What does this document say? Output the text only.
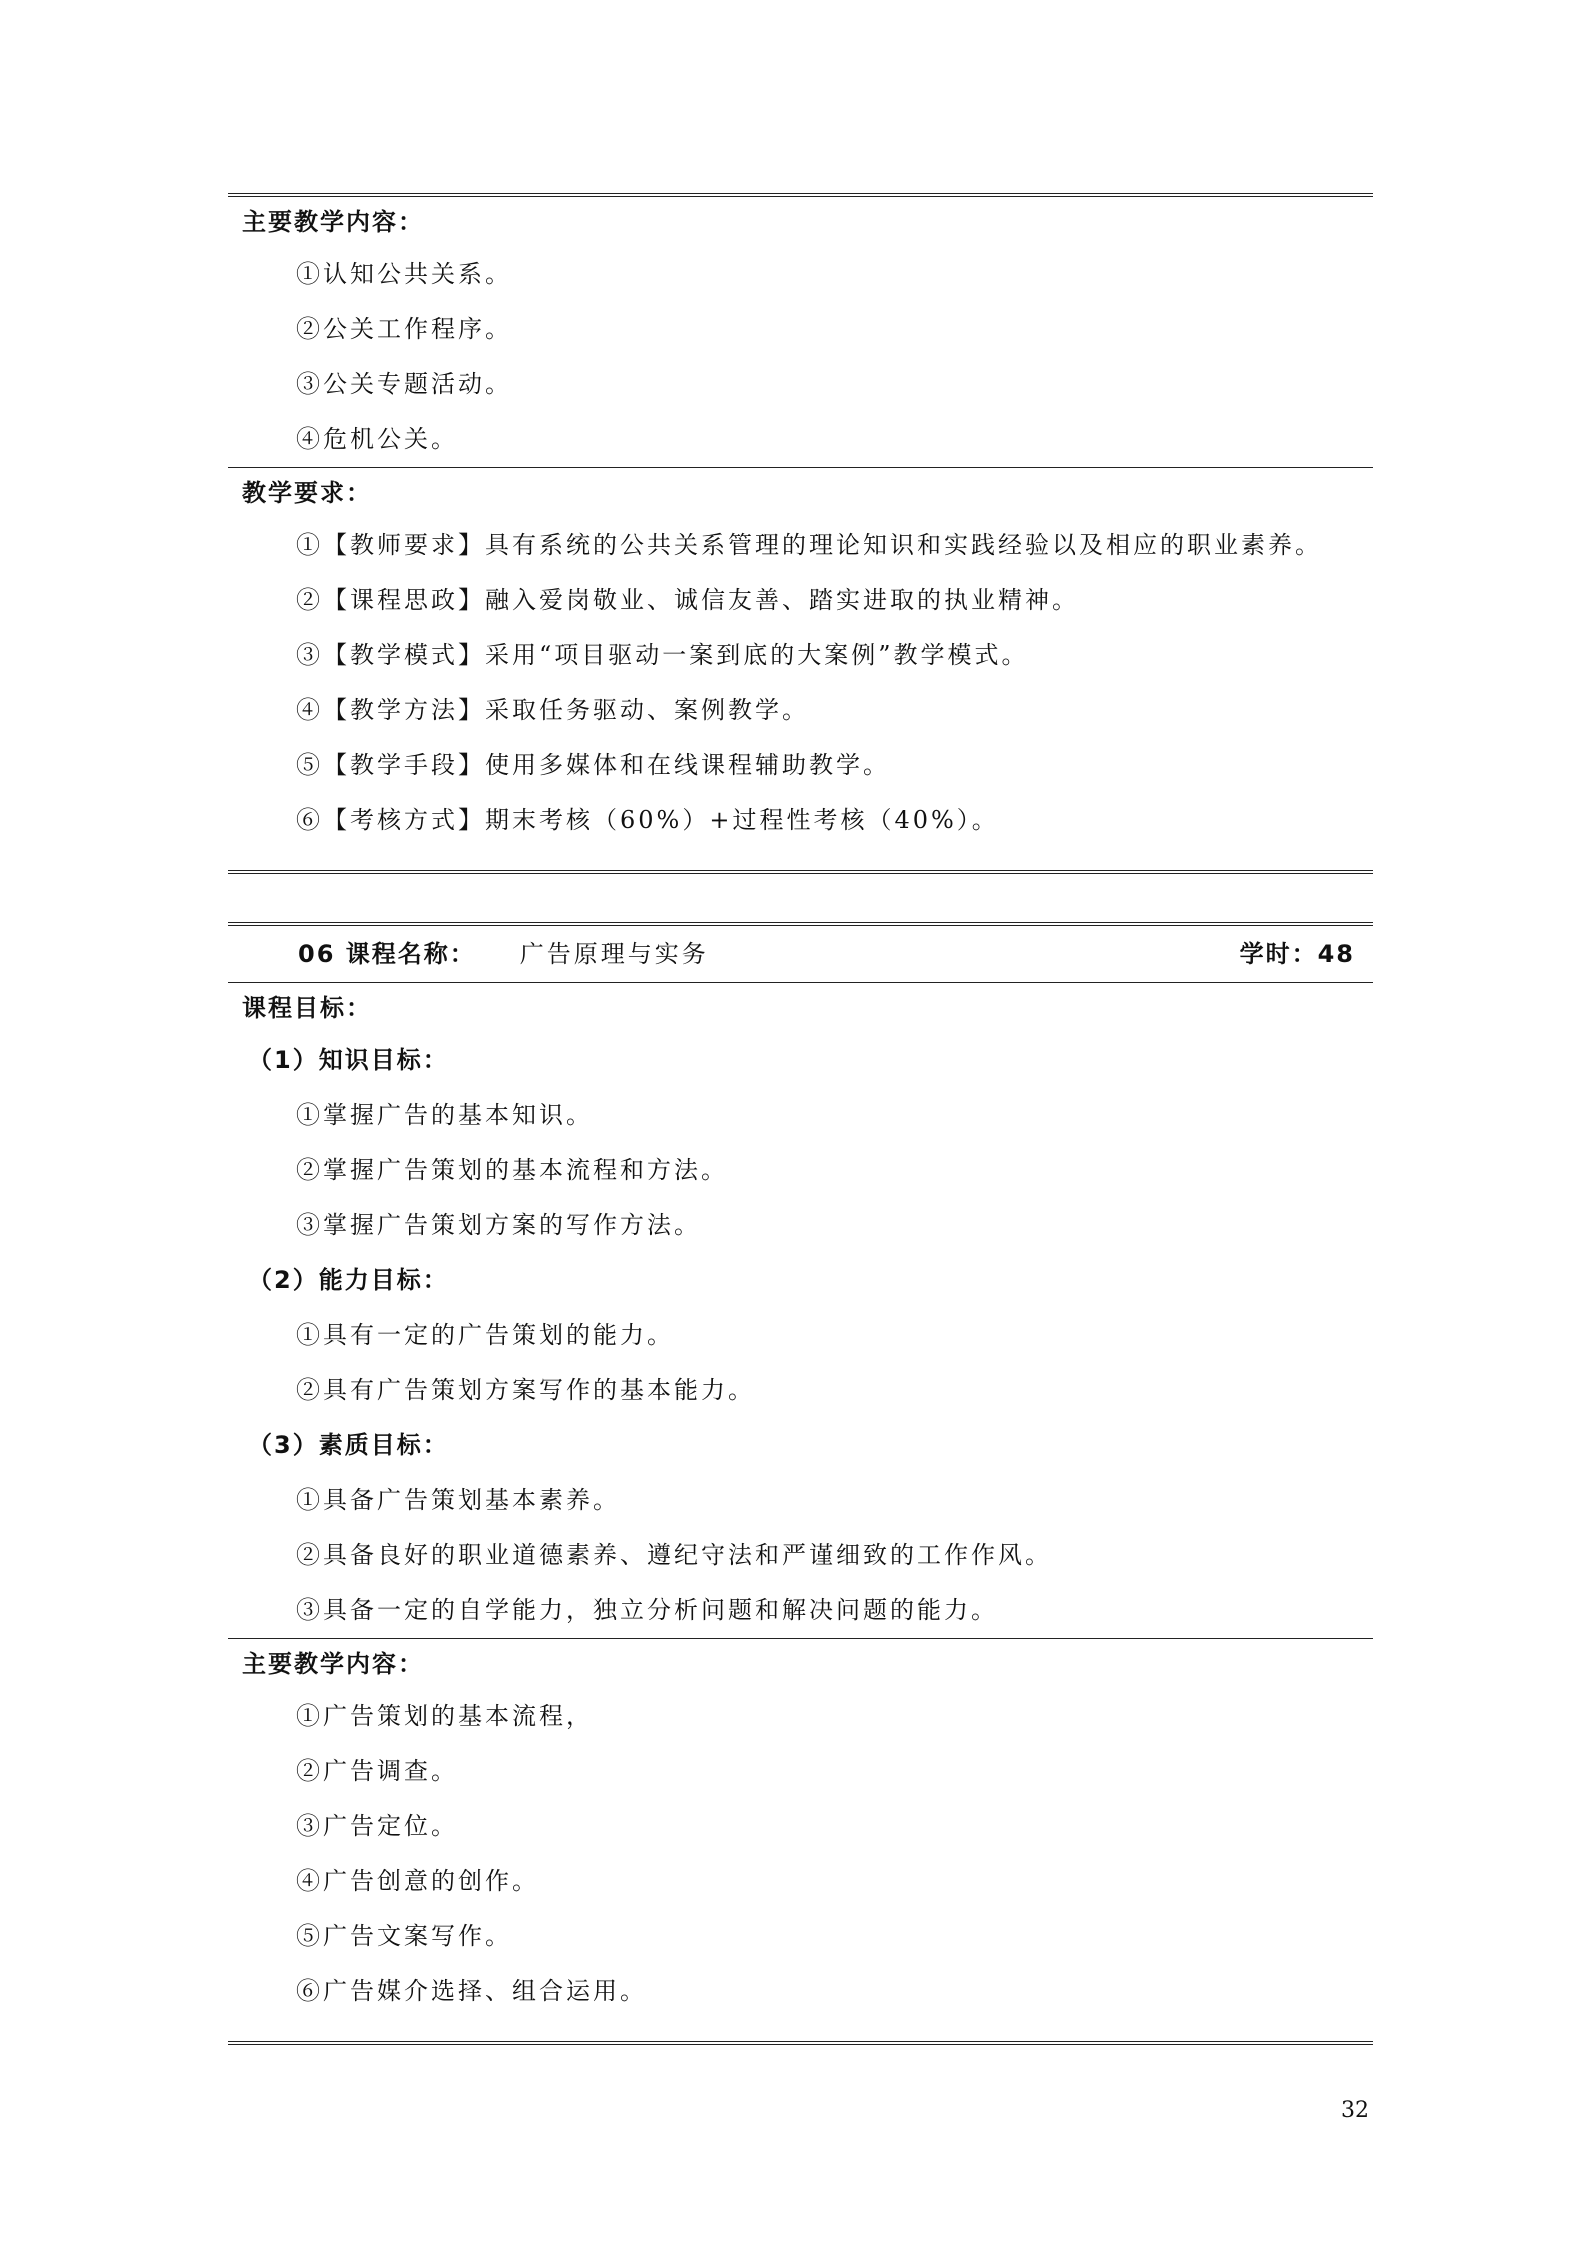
主要教学内容：
①认知公共关系。
②公关工作程序。
③公关专题活动。
④危机公关。
教学要求：
①【教师要求】具有系统的公共关系管理的理论知识和实践经验以及相应的职业素养。
②【课程思政】融入爱岗敬业、诚信友善、踏实进取的执业精神。
③【教学模式】采用“项目驱动一案到底的大案例”教学模式。
④【教学方法】采取任务驱动、案例教学。
⑤【教学手段】使用多媒体和在线课程辅助教学。
⑥【考核方式】期末考核（60%）+过程性考核（40%）。
06 课程名称：	广告原理与实务	学时：48
课程目标：
（1）知识目标：
①掌握广告的基本知识。
②掌握广告策划的基本流程和方法。
③掌握广告策划方案的写作方法。
（2）能力目标：
①具有一定的广告策划的能力。
②具有广告策划方案写作的基本能力。
（3）素质目标：
①具备广告策划基本素养。
②具备良好的职业道德素养、遵纪守法和严谨细致的工作作风。
③具备一定的自学能力，独立分析问题和解决问题的能力。
主要教学内容：
①广告策划的基本流程，
②广告调查。
③广告定位。
④广告创意的创作。
⑤广告文案写作。
⑥广告媒介选择、组合运用。
32
